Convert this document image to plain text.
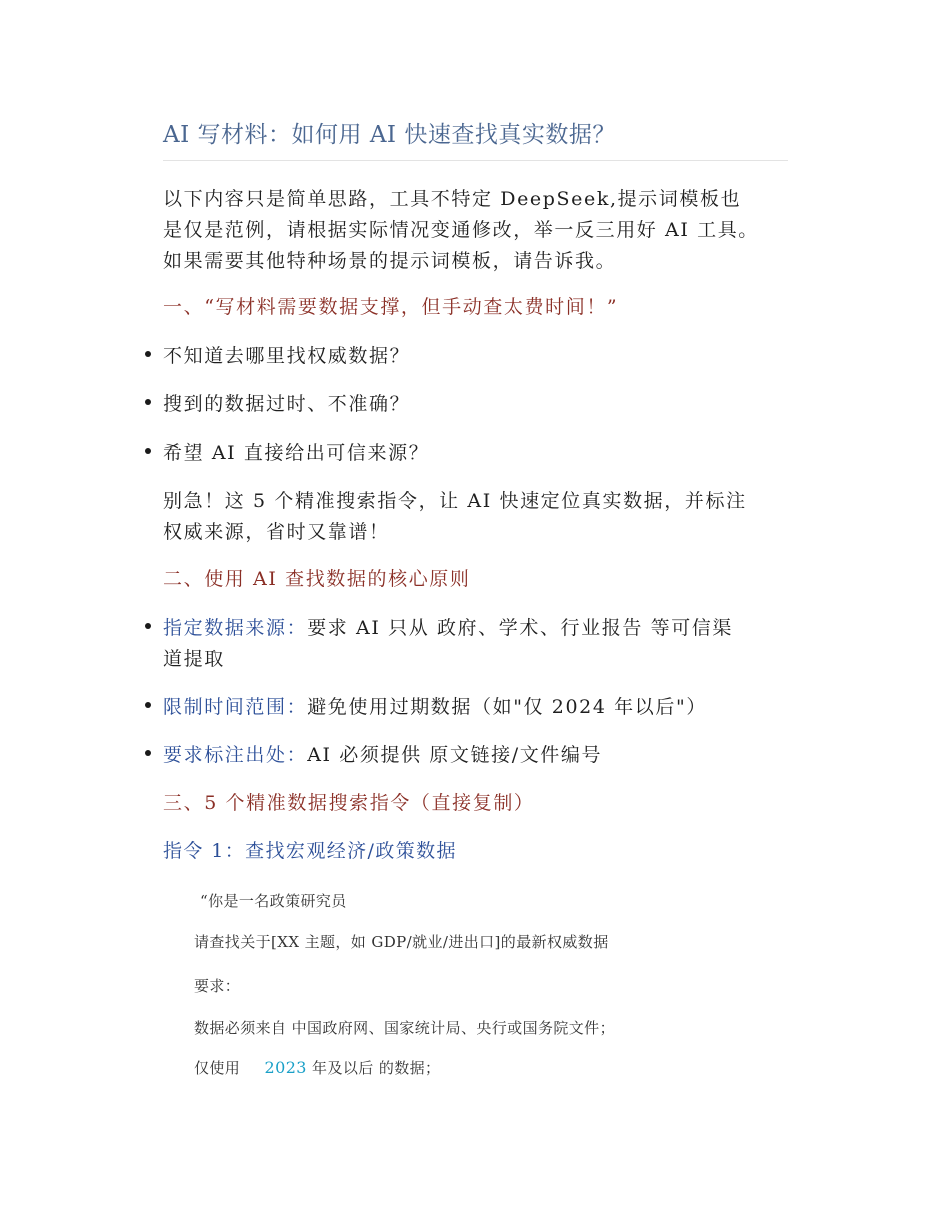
AI 写材料：如何用 AI 快速查找真实数据？
以下内容只是简单思路，工具不特定 DeepSeek,提示词模板也
是仅是范例，请根据实际情况变通修改，举一反三用好 AI 工具。
如果需要其他特种场景的提示词模板，请告诉我。
一、“写材料需要数据支撑，但手动查太费时间！”
不知道去哪里找权威数据？
搜到的数据过时、不准确？
希望 AI 直接给出可信来源？
别急！这 5 个精准搜索指令，让 AI 快速定位真实数据，并标注
权威来源，省时又靠谱！
二、使用 AI 查找数据的核心原则
指定数据来源：要求 AI 只从 政府、学术、行业报告 等可信渠
道提取
限制时间范围：避免使用过期数据（如"仅 2024 年以后"）
要求标注出处：AI 必须提供 原文链接/文件编号
三、5 个精准数据搜索指令（直接复制）
指令 1：查找宏观经济/政策数据
“你是一名政策研究员
请查找关于[XX 主题，如 GDP/就业/进出口]的最新权威数据
要求：
数据必须来自 中国政府网、国家统计局、央行或国务院文件；
仅使用 2023 年及以后 的数据；
